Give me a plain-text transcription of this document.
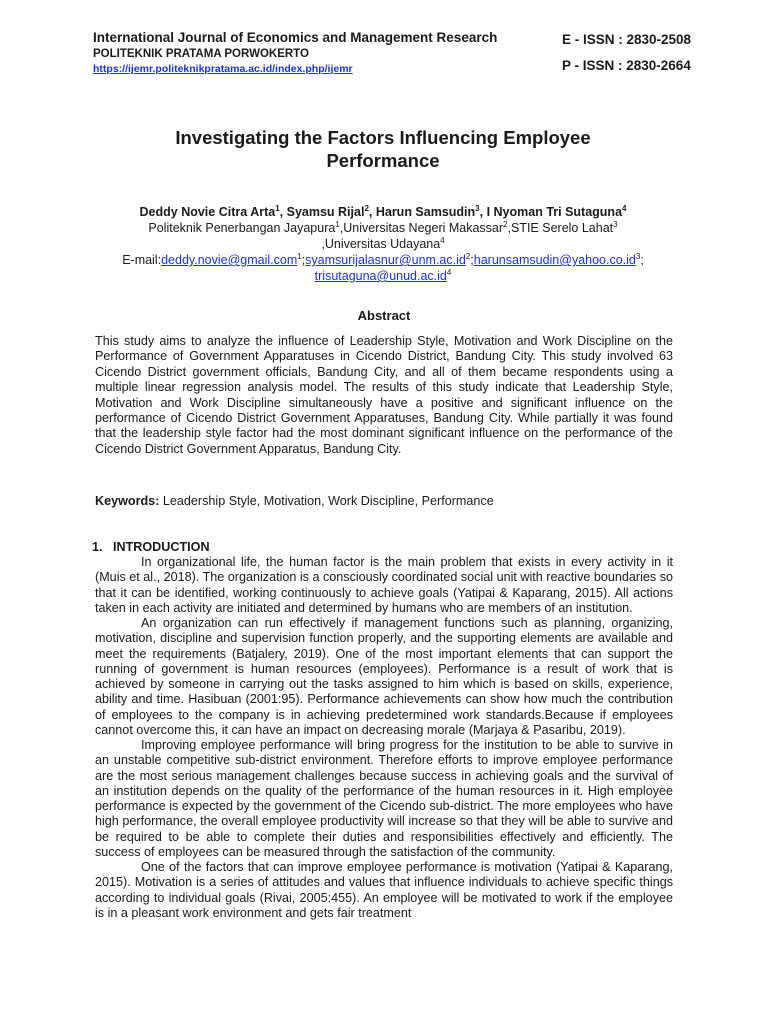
International Journal of Economics and Management Research
POLITEKNIK PRATAMA PORWOKERTO
https://ijemr.politeknikpratama.ac.id/index.php/ijemr
E - ISSN : 2830-2508
P - ISSN : 2830-2664
Investigating the Factors Influencing Employee
Performance
Deddy Novie Citra Arta$^1$, Syamsu Rijal$^2$, Harun Samsudin$^3$, I Nyoman Tri Sutaguna$^4$
Politeknik Penerbangan Jayapura$^1$,Universitas Negeri Makassar$^2$,STIE Serelo Lahat$^3$
,Universitas Udayana$^4$
$E-mail:deddy.novie@gmail.com^1;syamsurijalasnur@unm.ac.id^2;harunsamsudin@yahoo.co.id^3$;
$trisutaguna@unud.ac.id^4$
Abstract
This study aims to analyze the influence of Leadership Style, Motivation and Work Discipline on the Performance of Government Apparatuses in Cicendo District, Bandung City. This study involved 63 Cicendo District government officials, Bandung City, and all of them became respondents using a multiple linear regression analysis model. The results of this study indicate that Leadership Style, Motivation and Work Discipline simultaneously have a positive and significant influence on the performance of Cicendo District Government Apparatuses, Bandung City. While partially it was found that the leadership style factor had the most dominant significant influence on the performance of the Cicendo District Government Apparatus, Bandung City.
Keywords: Leadership Style, Motivation, Work Discipline, Performance
1.   INTRODUCTION

In organizational life, the human factor is the main problem that exists in every activity in it (Muis et al., 2018). The organization is a consciously coordinated social unit with reactive boundaries so that it can be identified, working continuously to achieve goals (Yatipai & Kaparang, 2015). All actions taken in each activity are initiated and determined by humans who are members of an institution.

An organization can run effectively if management functions such as planning, organizing, motivation, discipline and supervision function properly, and the supporting elements are available and meet the requirements (Batjalery, 2019). One of the most important elements that can support the running of government is human resources (employees). Performance is a result of work that is achieved by someone in carrying out the tasks assigned to him which is based on skills, experience, ability and time. Hasibuan (2001:95). Performance achievements can show how much the contribution of employees to the company is in achieving predetermined work standards.Because if employees cannot overcome this, it can have an impact on decreasing morale (Marjaya & Pasaribu, 2019).

Improving employee performance will bring progress for the institution to be able to survive in an unstable competitive sub-district environment. Therefore efforts to improve employee performance are the most serious management challenges because success in achieving goals and the survival of an institution depends on the quality of the performance of the human resources in it. High employee performance is expected by the government of the Cicendo sub-district. The more employees who have high performance, the overall employee productivity will increase so that they will be able to survive and be required to be able to complete their duties and responsibilities effectively and efficiently. The success of employees can be measured through the satisfaction of the community.

One of the factors that can improve employee performance is motivation (Yatipai & Kaparang, 2015). Motivation is a series of attitudes and values that influence individuals to achieve specific things according to individual goals (Rivai, 2005:455). An employee will be motivated to work if the employee is in a pleasant work environment and gets fair treatment
